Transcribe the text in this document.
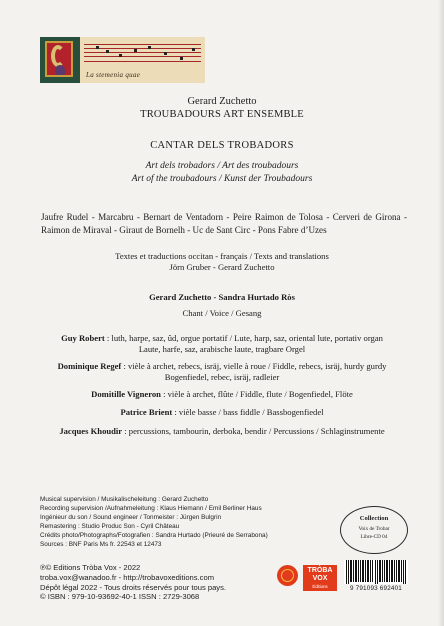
La stemenia quae
Gerard Zuchetto
TROUBADOURS ART ENSEMBLE
CANTAR DELS TROBADORS
Art dels trobadors / Art des troubadours
Art of the troubadours / Kunst der Troubadours
Jaufre Rudel - Marcabru - Bernart de Ventadorn - Peire Raimon de Tolosa - Cerveri de Girona - Raimon de Miraval - Giraut de Bornelh - Uc de Sant Circ - Pons Fabre d’Uzes
Textes et traductions occitan - français / Texts and translations
Jörn Gruber - Gerard Zuchetto
Gerard Zuchetto - Sandra Hurtado Ròs
Chant / Voice / Gesang
Guy Robert : luth, harpe, saz, ûd, orgue portatif / Lute, harp, saz, oriental lute, portativ organ
Laute, harfe, saz, arabische laute, tragbare Orgel
Dominique Regef : vièle à archet, rebecs, isräj, vielle à roue / Fiddle, rebecs, isräj, hurdy gurdy
Bogenfiedel, rebec, isräj, radleier
Domitille Vigneron : vièle à archet, flûte / Fiddle, flute / Bogenfiedel, Flöte
Patrice Brient : vièle basse / bass fiddle / Bassbogenfiedel
Jacques Khoudir : percussions, tambourin, derboka, bendir / Percussions / Schlaginstrumente
Musical supervision / Musikalischeleitung : Gerard Zuchetto
Recording supervision /Aufnahmeleitung : Klaus Hiemann / Emil Berliner Haus
Ingénieur du son / Sound engineer / Tonmeister : Jürgen Bulgrin
Remastering : Studio Produc Son - Cyril Château
Crédits photo/Photographs/Fotografien : Sandra Hurtado (Prieuré de Serrabona)
Sources : BNF Paris Ms fr. 22543 et 12473
℗© Editions Tròba Vox - 2022
troba.vox@wanadoo.fr - http://trobavoxeditions.com
Dépôt légal 2022 - Tous droits réservés pour tous pays.
© ISBN : 979-10-93692-40-1 ISSN : 2729-3068
Collection
Voix de Trobar
Libre-CD 04
TRÒBA
VOX
Éditions	9 791093 692401
